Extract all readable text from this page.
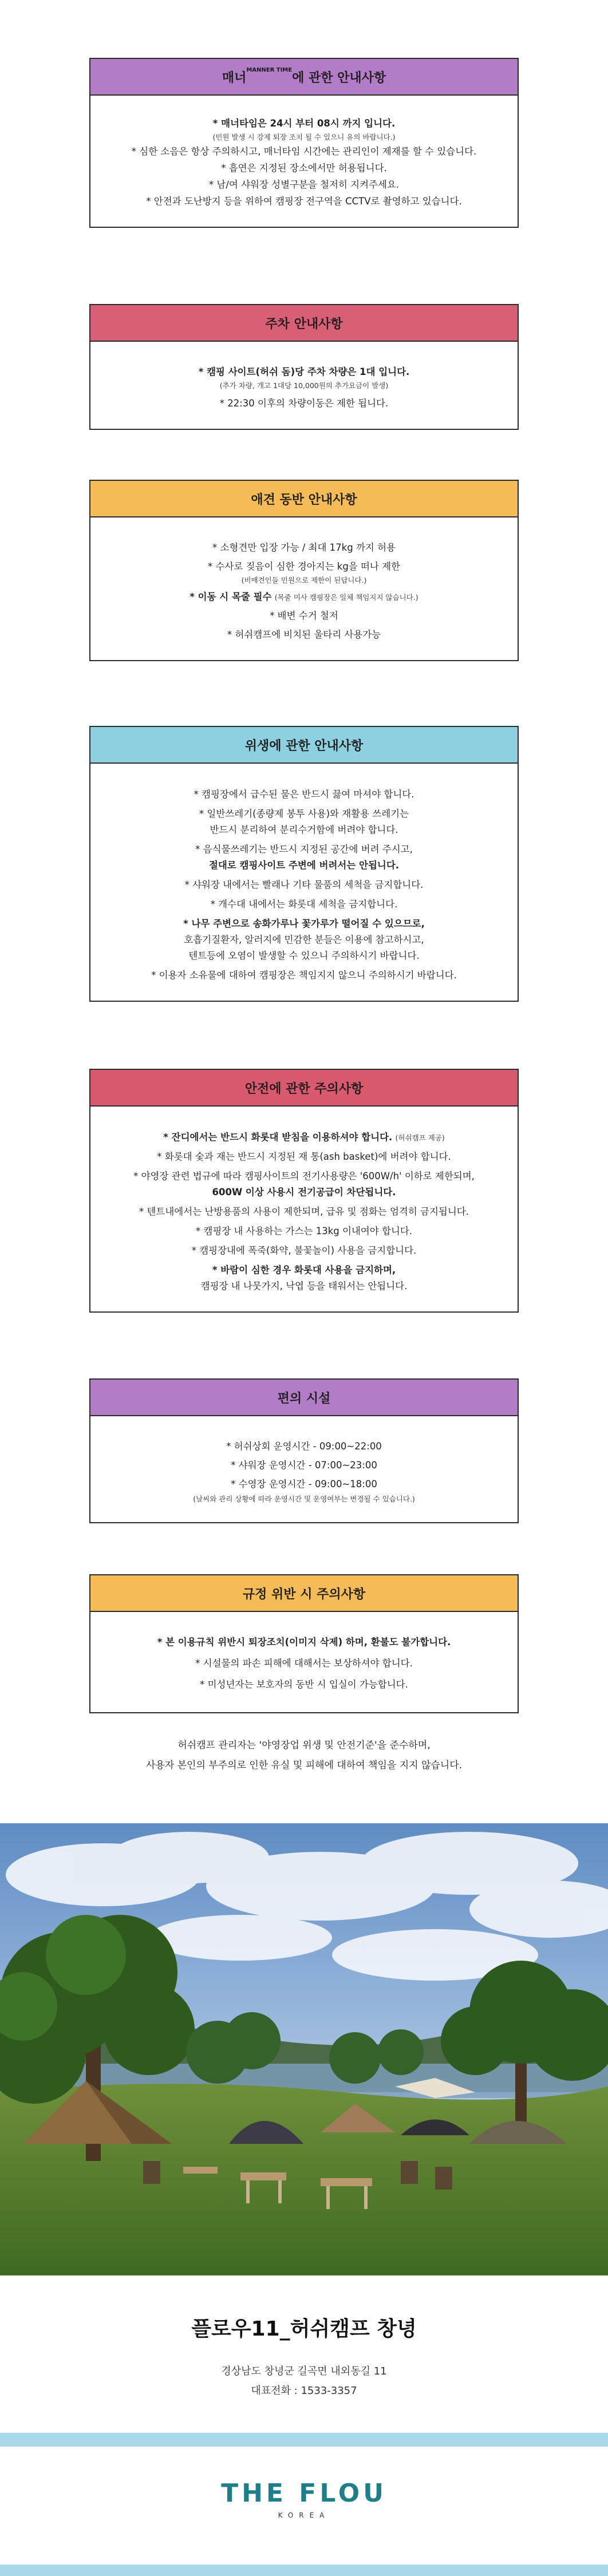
매너
$^{MANNER TIME}$
에 관한 안내사항
* 매너타임은 24시 부터 08시 까지 입니다.
(민원 발생 시 강제 퇴장 조치 될 수 있으니 유의 바랍니다.)
* 심한 소음은 항상 주의하시고, 매너타임 시간에는 관리인이 제재를 할 수 있습니다.
* 흡연은 지정된 장소에서만 허용됩니다.
* 남/여 샤워장 성별구분을 철저히 지켜주세요.
* 안전과 도난방지 등을 위하여 캠핑장 전구역을 CCTV로 촬영하고 있습니다.
주차 안내사항
* 캠핑 사이트(허쉬 돔)당 주차 차량은 1대 입니다.
(추가 차량, 개고 1대당 10,000원의 추가요금이 발생)
* 22:30 이후의 차량이동은 제한 됩니다.
애견 동반 안내사항
* 소형견만 입장 가능 / 최대 17kg 까지 허용
* 수사로 짖음이 심한 경아지는 kg을 떠나 제한
(비매견인들 민원으로 제한이 된답니다.)
* 이동 시 목줄 필수 (목줄 미사 캠핑장은 일체 책임지지 않습니다.)
* 배변 수거 철저
* 허쉬캠프에 비치된 울타리 사용가능
위생에 관한 안내사항
* 캠핑장에서 급수된 물은 반드시 끓여 마셔야 합니다.
* 일반쓰레기(종량제 봉투 사용)와 재활용 쓰레기는
반드시 분리하여 분리수거함에 버려야 합니다.
* 음식물쓰레기는 반드시 지정된 공간에 버려 주시고,
절대로 캠핑사이트 주변에 버려서는 안됩니다.
* 샤워장 내에서는 빨래나 기타 물품의 세척을 금지합니다.
* 개수대 내에서는 화롯대 세척을 금지합니다.
* 나무 주변으로 송화가루나 꽃가루가 떨어질 수 있으므로,
호흡기질환자, 알러지에 민감한 분들은 이용에 참고하시고,
텐트등에 오염이 발생할 수 있으니 주의하시기 바랍니다.
* 이용자 소유물에 대하여 캠핑장은 책임지지 않으니 주의하시기 바랍니다.
안전에 관한 주의사항
* 잔디에서는 반드시 화롯대 받침을 이용하셔야 합니다. (허쉬캠프 제공)
* 화롯대 숯과 재는 반드시 지정된 재 통(ash basket)에 버려야 합니다.
* 야영장 관련 법규에 따라 캠핑사이트의 전기사용량은 '600W/h' 이하로 제한되며,
600W 이상 사용시 전기공급이 차단됩니다.
* 텐트내에서는 난방용품의 사용이 제한되며, 급유 및 점화는 엄격히 금지됩니다.
* 캠핑장 내 사용하는 가스는 13kg 이내여야 합니다.
* 캠핑장내에 폭죽(화약, 불꽃놀이) 사용을 금지합니다.
* 바람이 심한 경우 화롯대 사용을 금지하며,
캠핑장 내 나뭇가지, 낙엽 등을 태워서는 안됩니다.
편의 시설
* 허쉬상회 운영시간 - 09:00~22:00
* 샤워장 운영시간 - 07:00~23:00
* 수영장 운영시간 - 09:00~18:00
(날씨와 관리 상황에 따라 운영시간 및 운영여부는 변경될 수 있습니다.)
규정 위반 시 주의사항
* 본 이용규칙 위반시 퇴장조치(이미지 삭제) 하며, 환불도 불가합니다.
* 시설물의 파손 피해에 대해서는 보상하셔야 합니다.
* 미성년자는 보호자의 동반 시 입실이 가능합니다.
허쉬캠프 관리자는 '야영장업 위생 및 안전기준'을 준수하며,
사용자 본인의 부주의로 인한 유실 및 피해에 대하여 책임을 지지 않습니다.
플로우11_허쉬캠프 창녕
경상남도 창녕군 길곡면 내외동길 11
대표전화 : 1533-3357
THE FLOU
KOREA
